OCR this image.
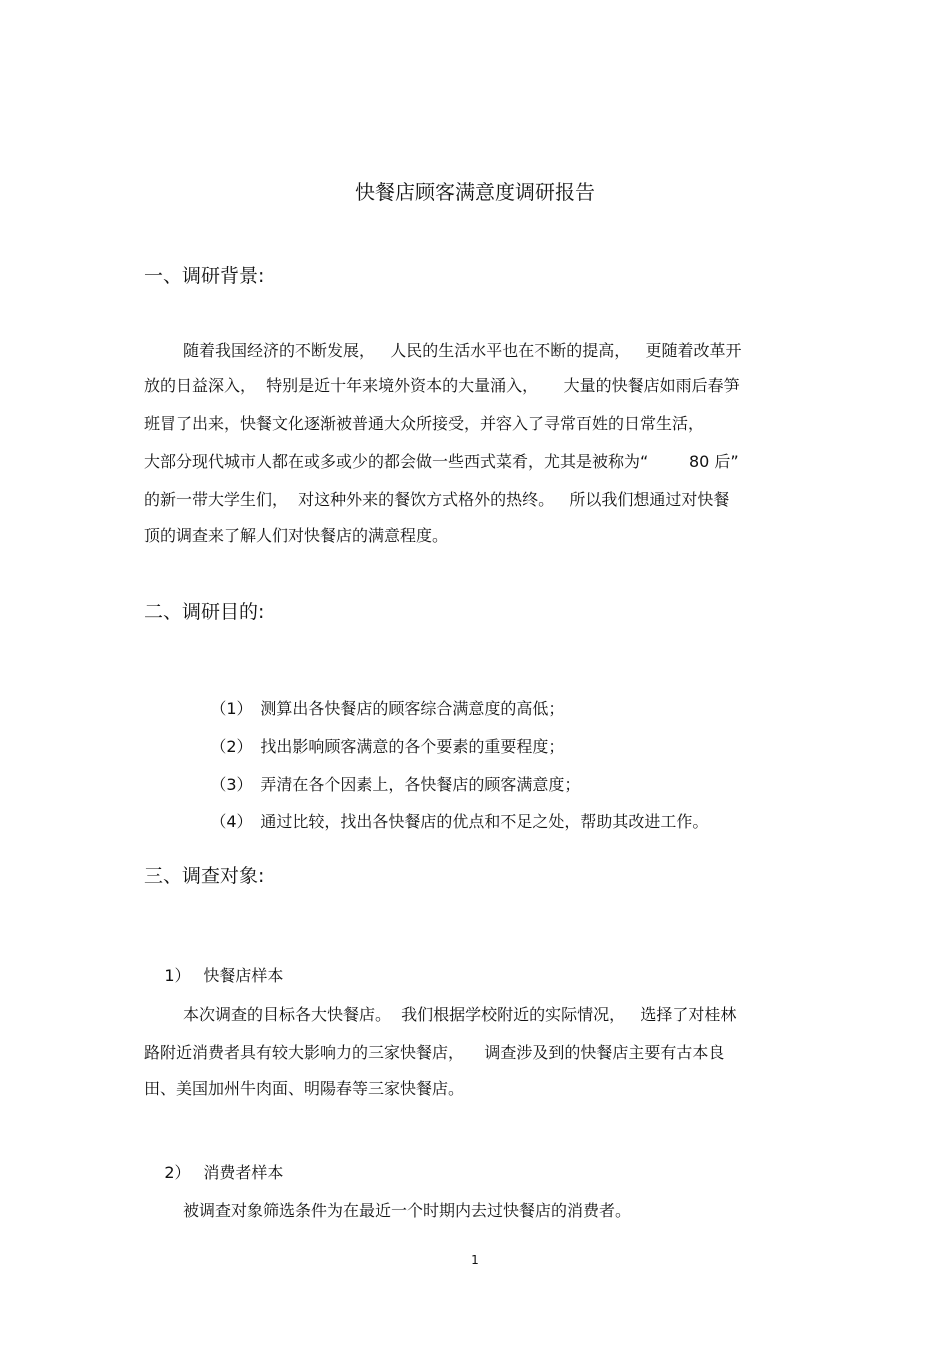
快餐店顾客满意度调研报告
一、调研背景:
随着我国经济的不断发展，   人民的生活水平也在不断的提高，   更随着改革开
放的日益深入，  特别是近十年来境外资本的大量涌入，     大量的快餐店如雨后春笋
班冒了出来，快餐文化逐渐被普通大众所接受，并容入了寻常百姓的日常生活，
大部分现代城市人都在或多或少的都会做一些西式菜肴，尤其是被称为“        80 后”
的新一带大学生们，  对这种外来的餐饮方式格外的热终。   所以我们想通过对快餐
顶的调查来了解人们对快餐店的满意程度。
二、调研目的:

（1） 测算出各快餐店的顾客综合满意度的高低；

（2） 找出影响顾客满意的各个要素的重要程度；

（3） 弄清在各个因素上，各快餐店的顾客满意度；

（4） 通过比较，找出各快餐店的优点和不足之处，帮助其改进工作。

三、调查对象:

1） 快餐店样本

本次调查的目标各大快餐店。  我们根据学校附近的实际情况，   选择了对桂林
路附近消费者具有较大影响力的三家快餐店，    调查涉及到的快餐店主要有古本良
田、美国加州牛肉面、明陽春等三家快餐店。

2） 消费者样本

被调查对象筛选条件为在最近一个时期内去过快餐店的消费者。
1
